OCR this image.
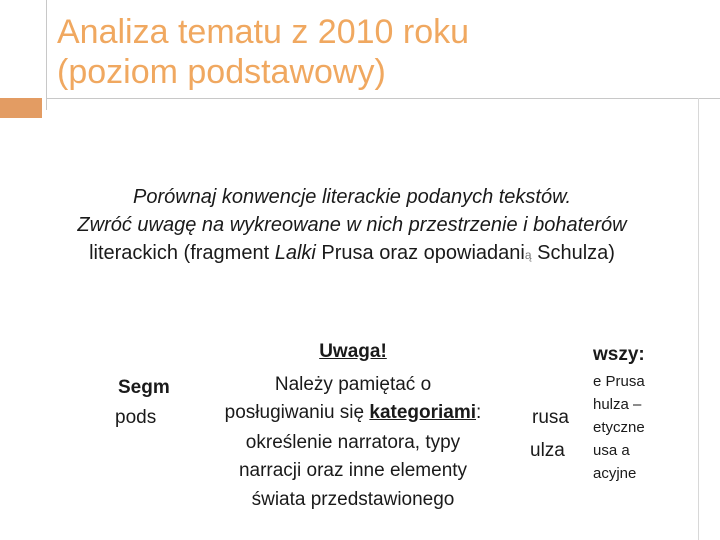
Analiza tematu z 2010 roku
(poziom podstawowy)
Porównaj konwencje literackie podanych tekstów.
Zwróć uwagę na wykreowane w nich przestrzenie i bohaterów
literackich (fragment Lalki Prusa oraz opowiadanią Schulza)
Segm
pods	rusa
ulza
wszy:
e Prusa
hulza –
etyczne
usa a
acyjne
Uwaga!
Należy pamiętać o
posługiwaniu się kategoriami:
określenie narratora, typy
narracji oraz inne elementy
świata przedstawionego
